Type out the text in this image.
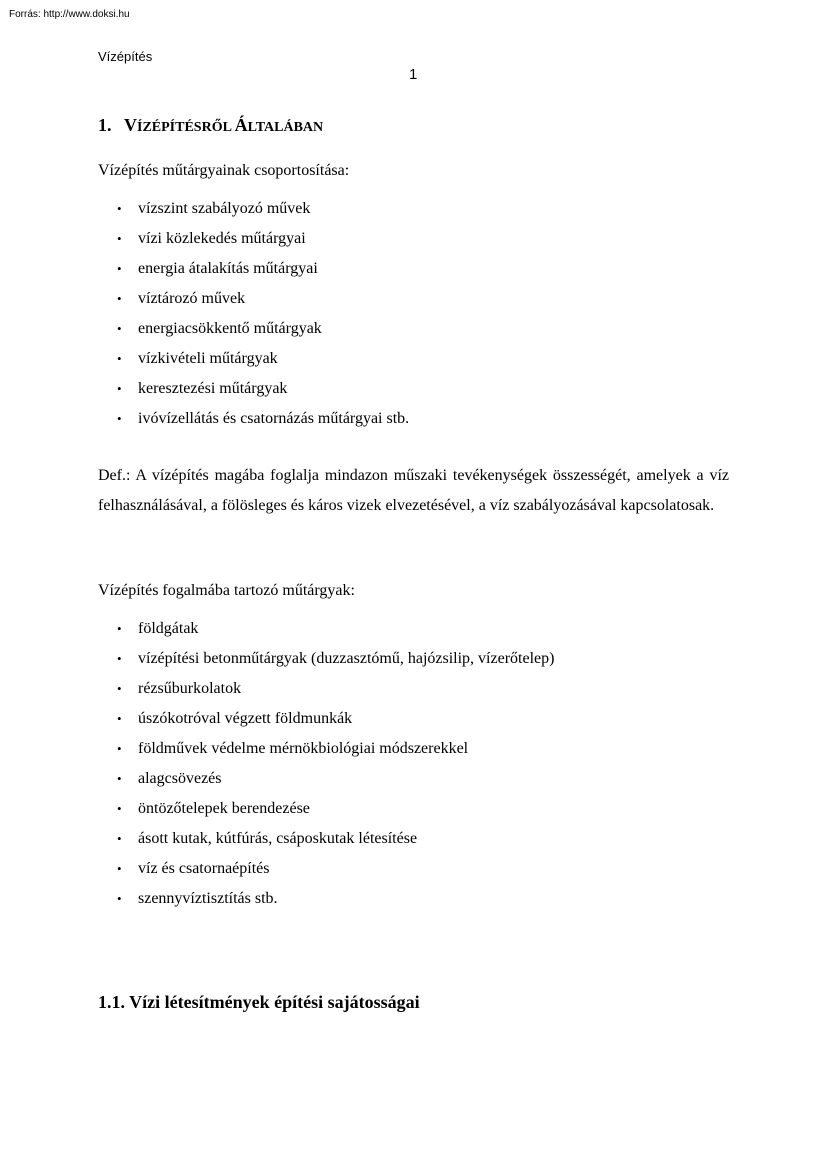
Forrás: http://www.doksi.hu
Vízépítés
1
1. VÍZÉPÍTÉSRŐL ÁLTALÁBAN
Vízépítés műtárgyainak csoportosítása:
• vízszint szabályozó művek
• vízi közlekedés műtárgyai
• energia átalakítás műtárgyai
• víztározó művek
• energiacsökkentő műtárgyak
• vízkivételi műtárgyak
• keresztezési műtárgyak
• ivóvízellátás és csatornázás műtárgyai stb.
Def.: A vízépítés magába foglalja mindazon műszaki tevékenységek összességét, amelyek a víz felhasználásával, a fölösleges és káros vizek elvezetésével, a víz szabályozásával kapcsolatosak.
Vízépítés fogalmába tartozó műtárgyak:
• földgátak
• vízépítési betonműtárgyak (duzzasztómű, hajózsilip, vízerőtelep)
• rézsűburkolatok
• úszókotróval végzett földmunkák
• földművek védelme mérnökbiológiai módszerekkel
• alagcsövezés
• öntözőtelepek berendezése
• ásott kutak, kútfúrás, csáposkutak létesítése
• víz és csatornaépítés
• szennyvíztisztítás stb.
1.1. Vízi létesítmények építési sajátosságai
